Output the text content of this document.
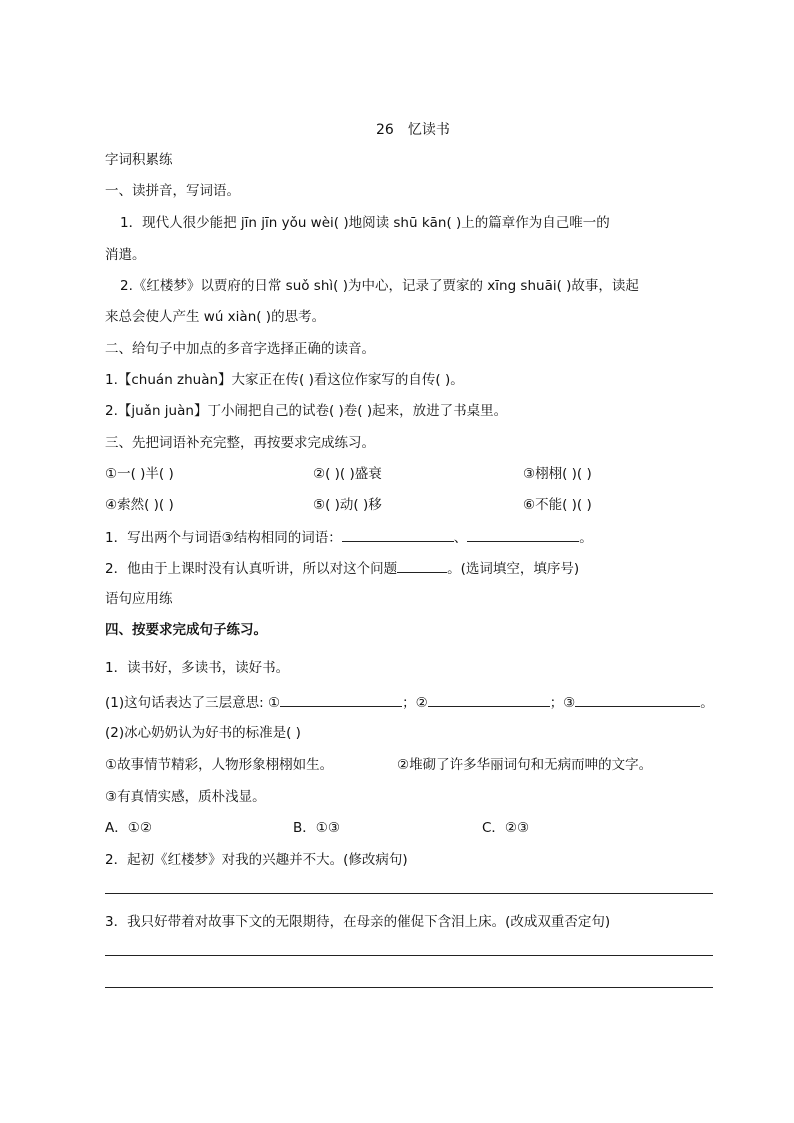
26 忆读书
字词积累练
一、读拼音，写词语。
1．现代人很少能把 jīn jīn yǒu wèi( )地阅读 shū kān( )上的篇章作为自己唯一的
消遣。
2.《红楼梦》以贾府的日常 suǒ shì( )为中心，记录了贾家的 xīng shuāi( )故事，读起
来总会使人产生 wú xiàn( )的思考。
二、给句子中加点的多音字选择正确的读音。
1.【chuán zhuàn】大家正在传( )看这位作家写的自传( )。
2.【juǎn juàn】丁小闹把自己的试卷( )卷( )起来，放进了书桌里。
三、先把词语补充完整，再按要求完成练习。
①一( )半( )	②( )( )盛衰	③栩栩( )( )
④索然( )( )	⑤( )动( )移	⑥不能( )( )
1．写出两个与词语③结构相同的词语：	、	。
2．他由于上课时没有认真听讲，所以对这个问题	。(选词填空，填序号)
语句应用练
四、按要求完成句子练习。
1．读书好，多读书，读好书。
(1)这句话表达了三层意思: ①	；②	；③	。
(2)冰心奶奶认为好书的标准是( )
①故事情节精彩，人物形象栩栩如生。	②堆砌了许多华丽词句和无病而呻的文字。
③有真情实感，质朴浅显。
A．①②	B．①③	C．②③
2．起初《红楼梦》对我的兴趣并不大。(修改病句)
3．我只好带着对故事下文的无限期待，在母亲的催促下含泪上床。(改成双重否定句)
